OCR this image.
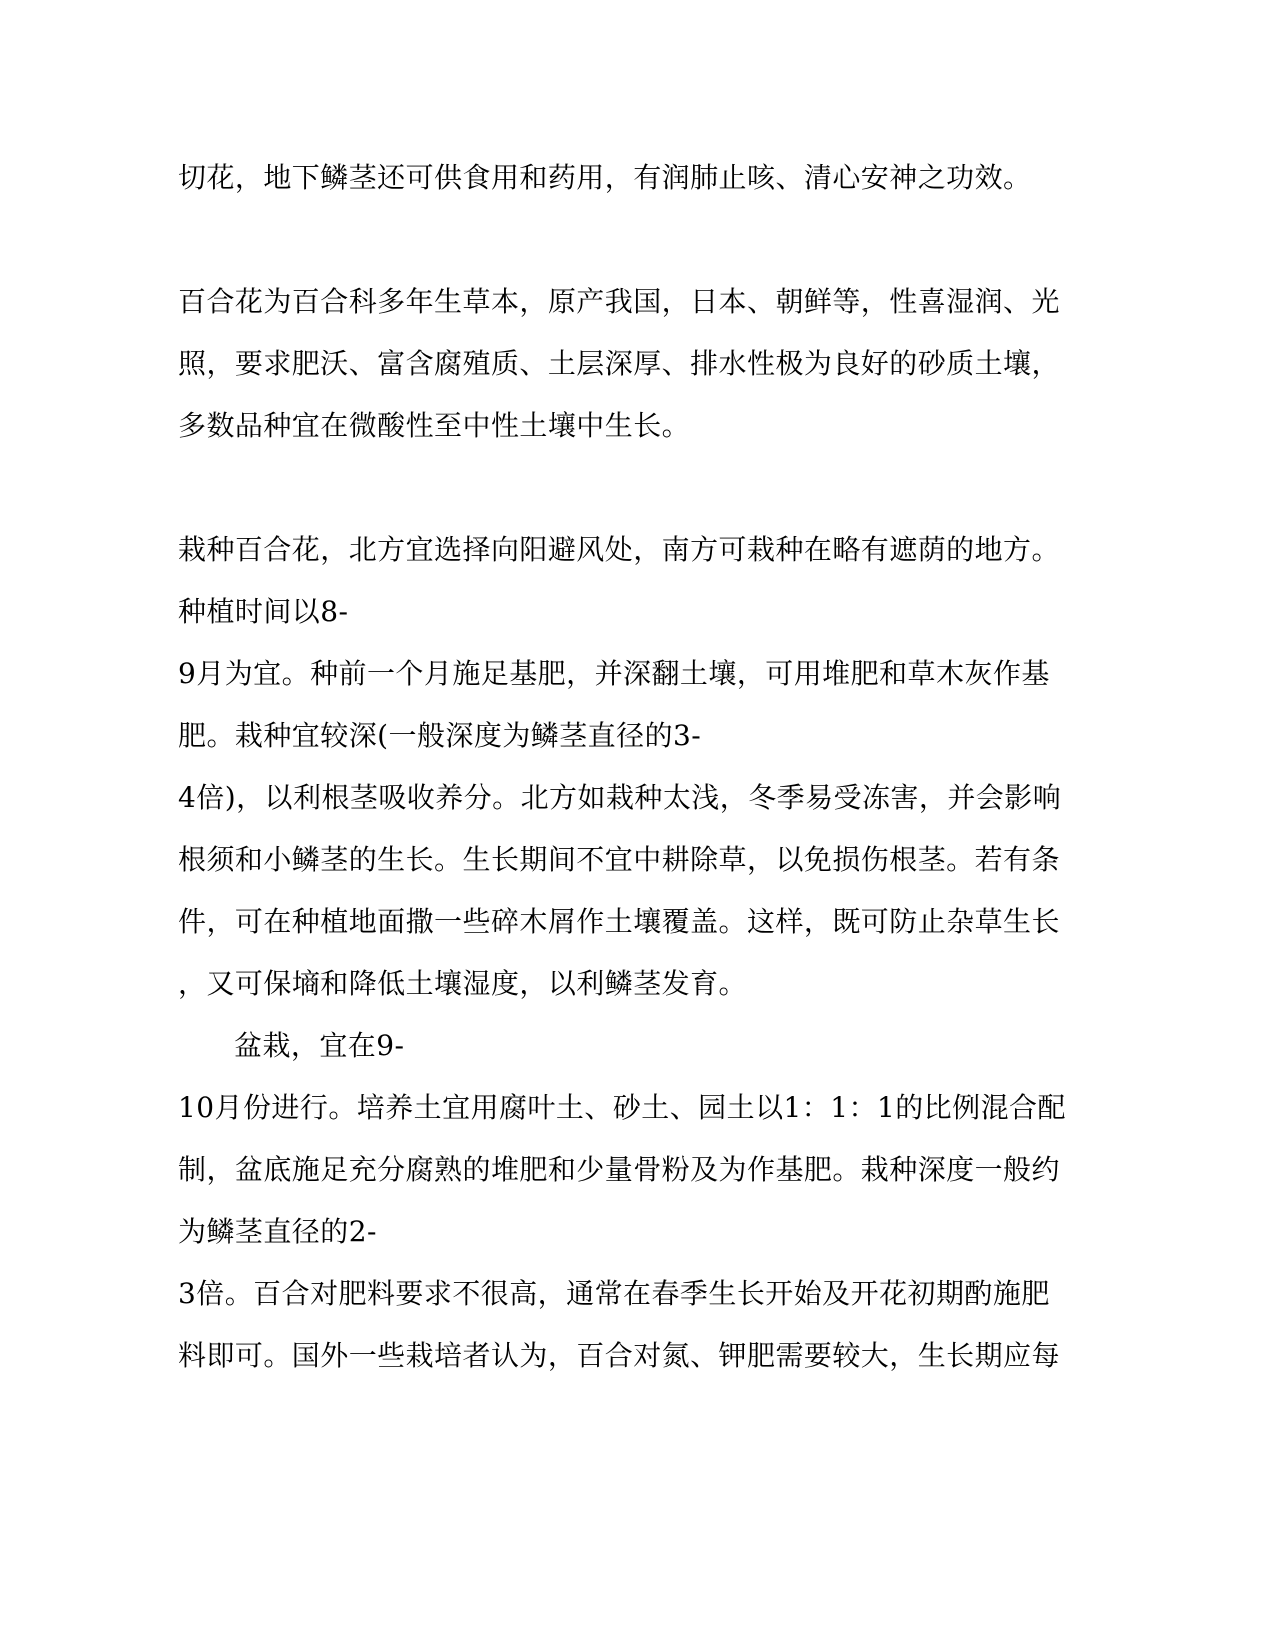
切花，地下鳞茎还可供食用和药用，有润肺止咳、清心安神之功效。

百合花为百合科多年生草本，原产我国，日本、朝鲜等，性喜湿润、光

照，要求肥沃、富含腐殖质、土层深厚、排水性极为良好的砂质土壤，

多数品种宜在微酸性至中性土壤中生长。

栽种百合花，北方宜选择向阳避风处，南方可栽种在略有遮荫的地方。

种植时间以8-

9月为宜。种前一个月施足基肥，并深翻土壤，可用堆肥和草木灰作基

肥。栽种宜较深(一般深度为鳞茎直径的3-

4倍)，以利根茎吸收养分。北方如栽种太浅，冬季易受冻害，并会影响

根须和小鳞茎的生长。生长期间不宜中耕除草，以免损伤根茎。若有条

件，可在种植地面撒一些碎木屑作土壤覆盖。这样，既可防止杂草生长

，又可保墒和降低土壤湿度，以利鳞茎发育。

盆栽，宜在9-

10月份进行。培养土宜用腐叶土、砂土、园土以1：1：1的比例混合配

制，盆底施足充分腐熟的堆肥和少量骨粉及为作基肥。栽种深度一般约

为鳞茎直径的2-

3倍。百合对肥料要求不很高，通常在春季生长开始及开花初期酌施肥

料即可。国外一些栽培者认为，百合对氮、钾肥需要较大，生长期应每
